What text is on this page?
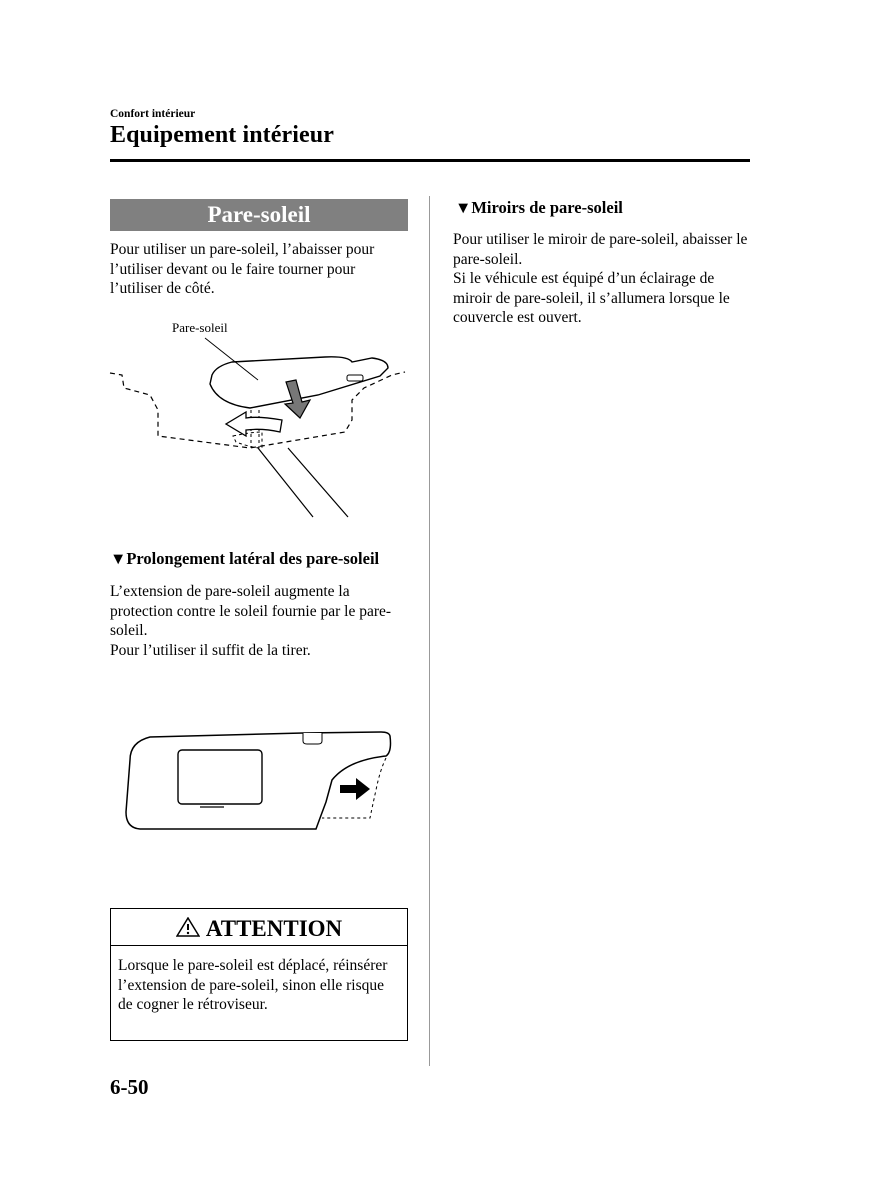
Confort intérieur
Equipement intérieur
Pare-soleil
Pour utiliser un pare-soleil, l’abaisser pour l’utiliser devant ou le faire tourner pour l’utiliser de côté.
Pare-soleil
▼Prolongement latéral des pare-soleil
L’extension de pare-soleil augmente la protection contre le soleil fournie par le pare-soleil.
Pour l’utiliser il suffit de la tirer.
ATTENTION
Lorsque le pare-soleil est déplacé, réinsérer l’extension de pare-soleil, sinon elle risque de cogner le rétroviseur.
▼Miroirs de pare-soleil
Pour utiliser le miroir de pare-soleil, abaisser le pare-soleil.
Si le véhicule est équipé d’un éclairage de miroir de pare-soleil, il s’allumera lorsque le couvercle est ouvert.
6-50
